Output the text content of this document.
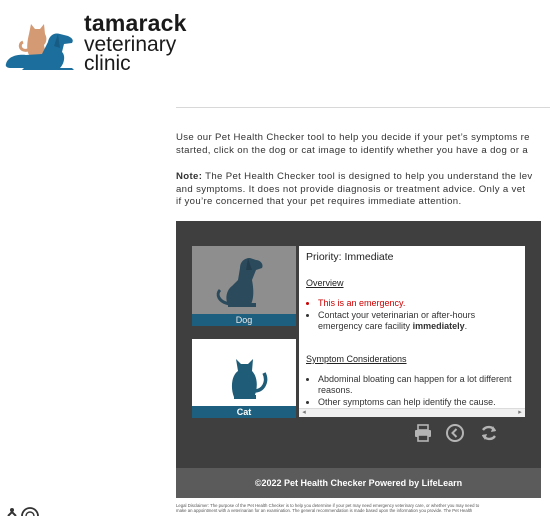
tamarack
veterinary
clinic
Use our Pet Health Checker tool to help you decide if your pet’s symptoms re
started, click on the dog or cat image to identify whether you have a dog or a
Note: The Pet Health Checker tool is designed to help you understand the lev
and symptoms. It does not provide diagnosis or treatment advice. Only a vet
if you’re concerned that your pet requires immediate attention.
Dog
Cat
Priority: Immediate
Overview
• This is an emergency.
• Contact your veterinarian or after-hours emergency care facility immediately.
Symptom Considerations
• Abdominal bloating can happen for a lot different reasons.
• Other symptoms can help identify the cause.
◂	▸
©2022 Pet Health Checker Powered by LifeLearn
Legal Disclaimer: The purpose of the Pet Health Checker is to help you determine if your pet may need emergency veterinary care, or whether you may need to
make an appointment with a veterinarian for an examination. The general recommendation is made based upon the information you provide. The Pet Health
